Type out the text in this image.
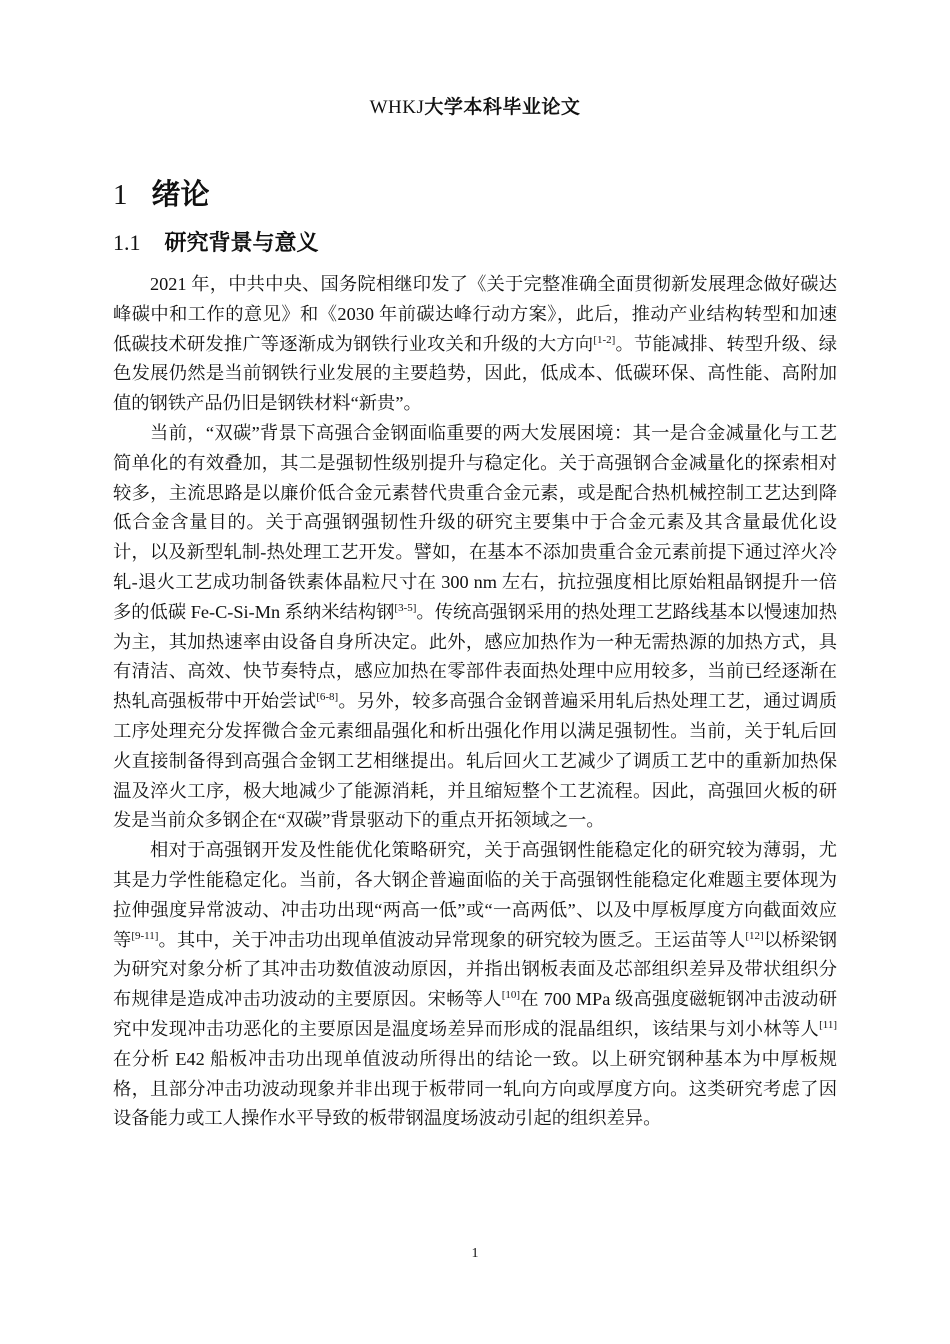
WHKJ大学本科毕业论文
1 绪论
1.1 研究背景与意义

2021 年，中共中央、国务院相继印发了《关于完整准确全面贯彻新发展理念做好碳达峰碳中和工作的意见》和《2030 年前碳达峰行动方案》，此后，推动产业结构转型和加速低碳技术研发推广等逐渐成为钢铁行业攻关和升级的大方向[1-2]。节能减排、转型升级、绿色发展仍然是当前钢铁行业发展的主要趋势，因此，低成本、低碳环保、高性能、高附加值的钢铁产品仍旧是钢铁材料“新贵”。

当前，“双碳”背景下高强合金钢面临重要的两大发展困境：其一是合金减量化与工艺简单化的有效叠加，其二是强韧性级别提升与稳定化。关于高强钢合金减量化的探索相对较多，主流思路是以廉价低合金元素替代贵重合金元素，或是配合热机械控制工艺达到降低合金含量目的。关于高强钢强韧性升级的研究主要集中于合金元素及其含量最优化设计，以及新型轧制-热处理工艺开发。譬如，在基本不添加贵重合金元素前提下通过淬火冷轧-退火工艺成功制备铁素体晶粒尺寸在 300 nm 左右，抗拉强度相比原始粗晶钢提升一倍多的低碳 Fe-C-Si-Mn 系纳米结构钢[3-5]。传统高强钢采用的热处理工艺路线基本以慢速加热为主，其加热速率由设备自身所决定。此外，感应加热作为一种无需热源的加热方式，具有清洁、高效、快节奏特点，感应加热在零部件表面热处理中应用较多，当前已经逐渐在热轧高强板带中开始尝试[6-8]。另外，较多高强合金钢普遍采用轧后热处理工艺，通过调质工序处理充分发挥微合金元素细晶强化和析出强化作用以满足强韧性。当前，关于轧后回火直接制备得到高强合金钢工艺相继提出。轧后回火工艺减少了调质工艺中的重新加热保温及淬火工序，极大地减少了能源消耗，并且缩短整个工艺流程。因此，高强回火板的研发是当前众多钢企在“双碳”背景驱动下的重点开拓领域之一。

相对于高强钢开发及性能优化策略研究，关于高强钢性能稳定化的研究较为薄弱，尤其是力学性能稳定化。当前，各大钢企普遍面临的关于高强钢性能稳定化难题主要体现为拉伸强度异常波动、冲击功出现“两高一低”或“一高两低”、以及中厚板厚度方向截面效应等[9-11]。其中，关于冲击功出现单值波动异常现象的研究较为匮乏。王运苗等人[12]以桥梁钢为研究对象分析了其冲击功数值波动原因，并指出钢板表面及芯部组织差异及带状组织分布规律是造成冲击功波动的主要原因。宋畅等人[10]在 700 MPa 级高强度磁轭钢冲击波动研究中发现冲击功恶化的主要原因是温度场差异而形成的混晶组织，该结果与刘小林等人[11]在分析 E42 船板冲击功出现单值波动所得出的结论一致。以上研究钢种基本为中厚板规格，且部分冲击功波动现象并非出现于板带同一轧向方向或厚度方向。这类研究考虑了因设备能力或工人操作水平导致的板带钢温度场波动引起的组织差异。

1
